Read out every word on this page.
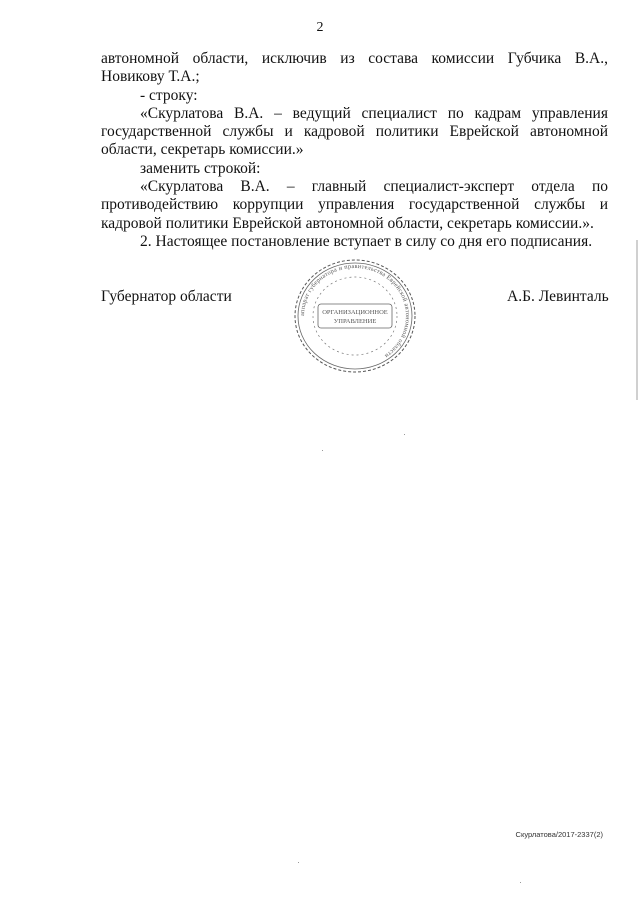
2

автономной области, исключив из состава комиссии Губчика В.А.,

Новикову Т.А.;

- строку:

«Скурлатова В.А. – ведущий специалист по кадрам управления

государственной службы и кадровой политики Еврейской автономной

области, секретарь комиссии.»

заменить строкой:

«Скурлатова В.А. – главный специалист-эксперт отдела по

противодействию коррупции управления государственной службы и

кадровой политики Еврейской автономной области, секретарь комиссии.».

2. Настоящее постановление вступает в силу со дня его подписания.

Губернатор области	А.Б. Левинталь
аппарат губернатора и правительства Еврейской автономной области
ОРГАНИЗАЦИОННОЕ
УПРАВЛЕНИЕ
Скурлатова/2017-2337(2)
